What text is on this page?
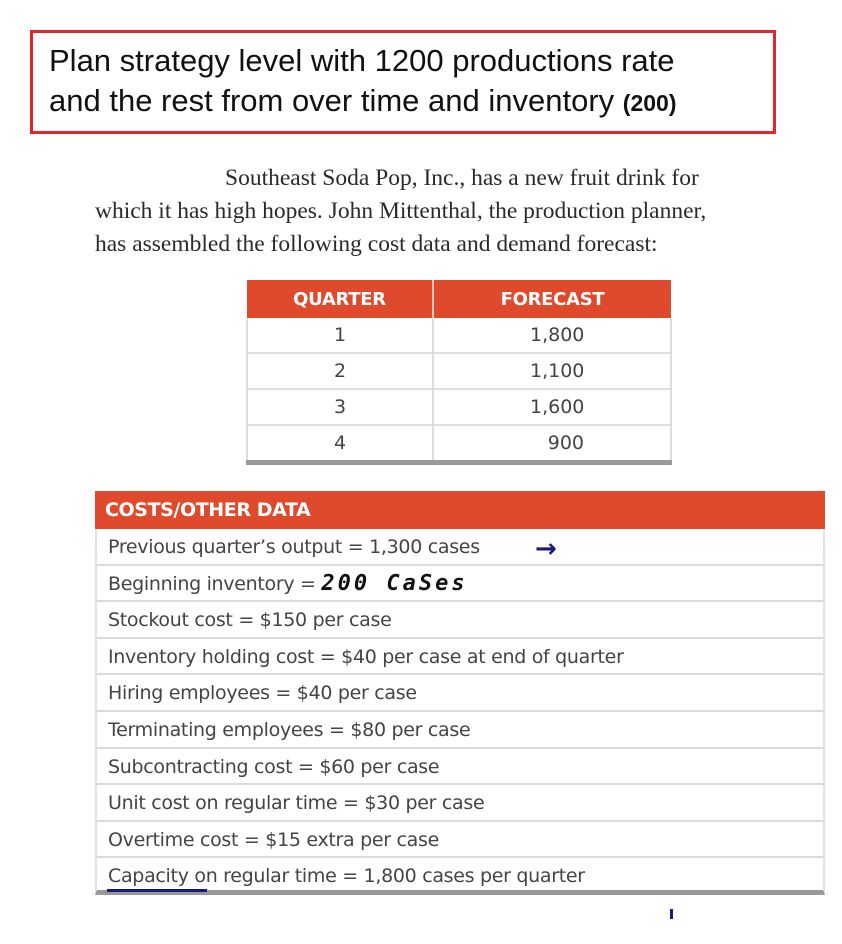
Plan strategy level with 1200 productions rate
and the rest from over time and inventory (200)
Southeast Soda Pop, Inc., has a new fruit drink for
which it has high hopes. John Mittenthal, the production planner,
has assembled the following cost data and demand forecast:
QUARTER	FORECAST
1	1,800
2	1,100
3	1,600
4	900
COSTS/OTHER DATA
Previous quarter’s output = 1,300 cases →
Beginning inventory = 200 CaSes
Stockout cost = $150 per case
Inventory holding cost = $40 per case at end of quarter
Hiring employees = $40 per case
Terminating employees = $80 per case
Subcontracting cost = $60 per case
Unit cost on regular time = $30 per case
Overtime cost = $15 extra per case
Capacity on regular time = 1,800 cases per quarter
